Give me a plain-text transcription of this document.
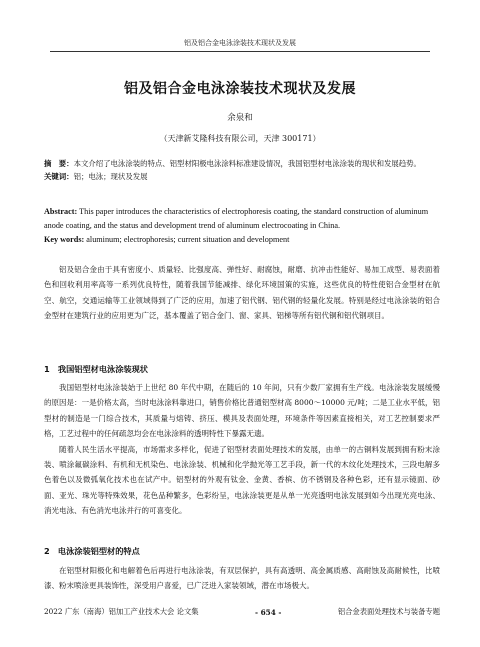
铝及铝合金电泳涂装技术现状及发展
铝及铝合金电泳涂装技术现状及发展
余泉和
（天津新艾隆科技有限公司，天津 300171）
摘　要：本文介绍了电泳涂装的特点、铝型材阳极电泳涂料标准建设情况，我国铝型材电泳涂装的现状和发展趋势。
关键词：铝；电泳；现状及发展
Abstract: This paper introduces the characteristics of electrophoresis coating, the standard construction of aluminum anode coating, and the status and development trend of aluminum electrocoating in China.
Key words: aluminum; electrophoresis; current situation and development

铝及铝合金由于具有密度小、质量轻、比强度高、弹性好、耐腐蚀，耐磨、抗冲击性能好、易加工成型、易表面着色和回收利用率高等一系列优良特性，随着我国节能减排、绿化环境国策的实施，这些优良的特性使铝合金型材在航空、航空，交通运输等工业领域得到了广泛的应用，加速了铝代钢、铝代钢的轻量化发展。特别是经过电泳涂装的铝合金型材在建筑行业的应用更为广泛，基本覆盖了铝合金门、窗、家具、铝梯等所有铝代铜和铝代钢项目。

1　我国铝型材电泳涂装现状

我国铝型材电泳涂装始于上世纪 80 年代中期，在随后的 10 年间，只有少数厂家拥有生产线。电泳涂装发展缓慢的原因是：一是价格太高，当时电泳涂料靠进口，销售价格比普通铝型材高 8000～10000 元/吨；二是工业水平低，铝型材的制造是一门综合技术，其质量与熔铸、挤压、模具及表面处理，环境条件等因素直接相关，对工艺控制要求严格，工艺过程中的任何疏忽均会在电泳涂料的透明特性下暴露无遗。

随着人民生活水平提高，市场需求多样化，促进了铝型材表面处理技术的发展，由单一的古铜料发展到拥有粉末涂装、喷涂氟碳涂料、有机和无机染色、电泳涂装、机械和化学抛光等工艺手段，新一代的木纹化处理技术，三段电解多色着色以及微弧氧化技术也在试产中。铝型材的外观有钛金、金黄、香槟、仿不锈钢及各种色彩，还有显示镜面、砂面、亚光、珠光等特殊效果，花色品种繁多，色彩纷呈，电泳涂装更是从单一光亮透明电泳发展到如今出现光亮电泳、消光电泳、有色消光电泳并行的可喜变化。

2　电泳涂装铝型材的特点

在铝型材阳极化和电解着色后再进行电泳涂装，有双层保护，具有高透明、高金属质感、高耐蚀及高耐候性，比喷漆、粉末喷涂更具装饰性，深受用户喜爱，已广泛进入家装领域，潜在市场极大。

2022 广东（南海）铝加工产业技术大会 论文集	- 654 -	铝合金表面处理技术与装备专题
